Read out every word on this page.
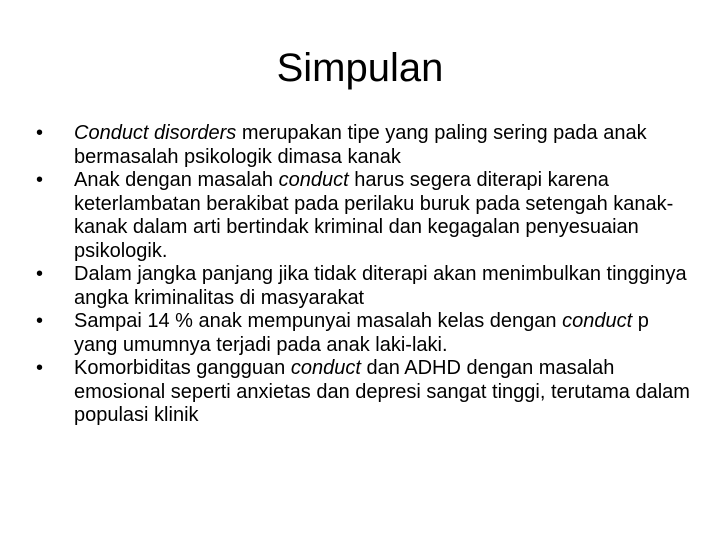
Simpulan
•	Conduct disorders merupakan tipe yang paling sering pada anak bermasalah psikologik dimasa kanak
•	Anak dengan masalah conduct harus segera diterapi karena keterlambatan berakibat pada perilaku buruk pada setengah kanak-kanak dalam arti bertindak kriminal dan kegagalan penyesuaian psikologik.
•	Dalam jangka panjang jika tidak diterapi akan menimbulkan tingginya angka kriminalitas di masyarakat
•	Sampai 14 % anak mempunyai masalah kelas dengan conduct p yang umumnya terjadi pada anak laki-laki.
•	Komorbiditas gangguan conduct dan ADHD dengan masalah emosional seperti anxietas dan depresi sangat tinggi, terutama dalam populasi klinik
